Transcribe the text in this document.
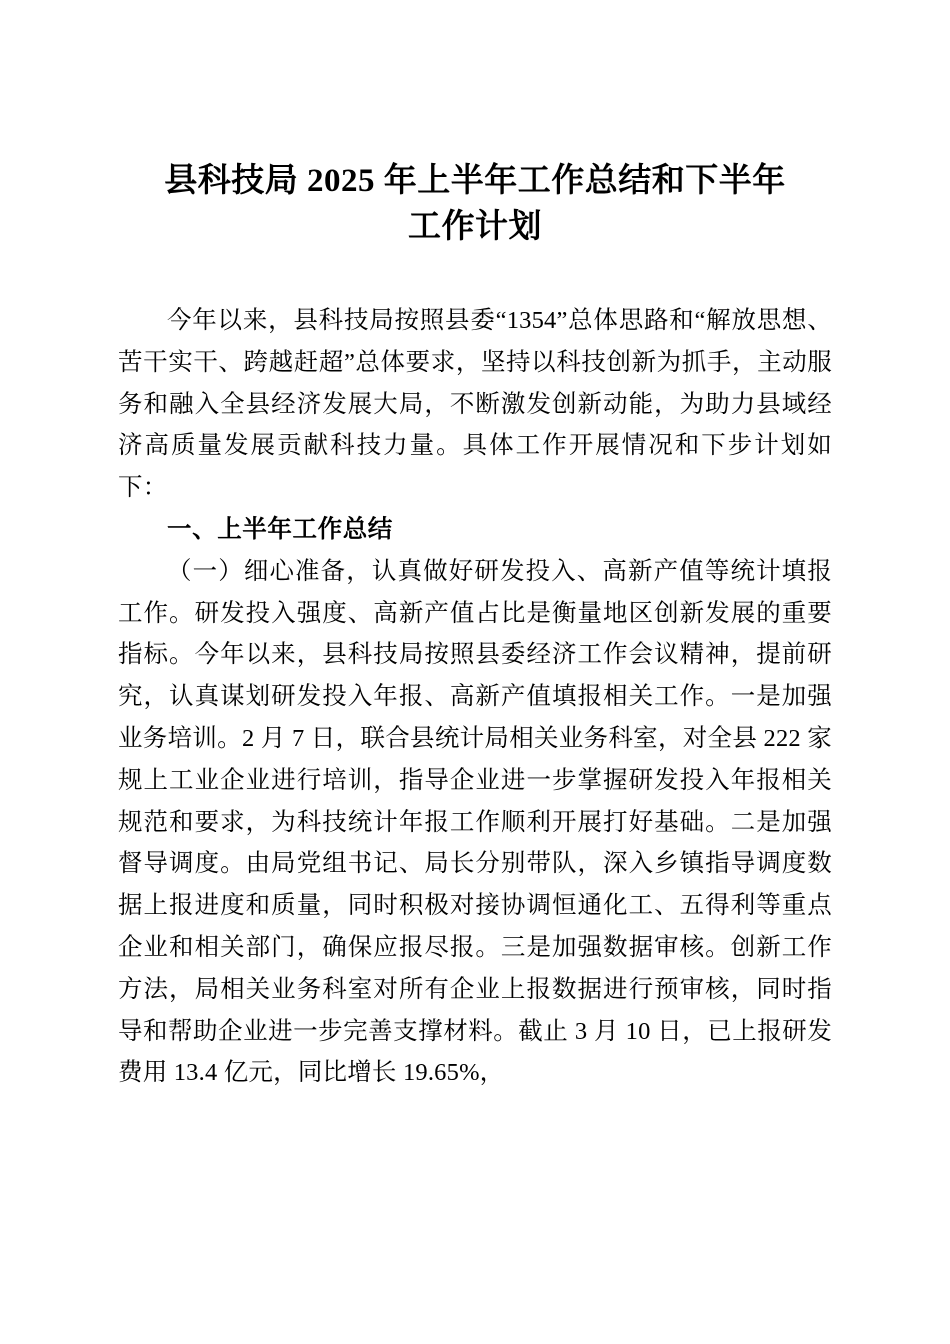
县科技局 2025 年上半年工作总结和下半年
工作计划

今年以来，县科技局按照县委“1354”总体思路和“解放思想、苦干实干、跨越赶超”总体要求，坚持以科技创新为抓手，主动服务和融入全县经济发展大局，不断激发创新动能，为助力县域经济高质量发展贡献科技力量。具体工作开展情况和下步计划如下：

一、上半年工作总结

（一）细心准备，认真做好研发投入、高新产值等统计填报工作。研发投入强度、高新产值占比是衡量地区创新发展的重要指标。今年以来，县科技局按照县委经济工作会议精神，提前研究，认真谋划研发投入年报、高新产值填报相关工作。一是加强业务培训。2 月 7 日，联合县统计局相关业务科室，对全县 222 家规上工业企业进行培训，指导企业进一步掌握研发投入年报相关规范和要求，为科技统计年报工作顺利开展打好基础。二是加强督导调度。由局党组书记、局长分别带队，深入乡镇指导调度数据上报进度和质量，同时积极对接协调恒通化工、五得利等重点企业和相关部门，确保应报尽报。三是加强数据审核。创新工作方法，局相关业务科室对所有企业上报数据进行预审核，同时指导和帮助企业进一步完善支撑材料。截止 3 月 10 日，已上报研发费用 13.4 亿元，同比增长 19.65%，
